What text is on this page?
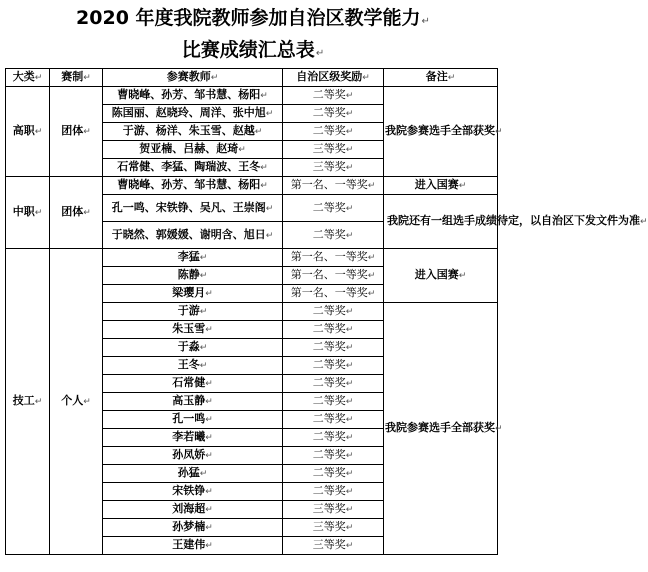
2020 年度我院教师参加自治区教学能力↵
比赛成绩汇总表↵
大类↵	赛制↵	参赛教师↵	自治区级奖励↵	备注↵
高职↵	团体↵	曹晓峰、孙芳、邹书慧、杨阳↵	二等奖↵	我院参赛选手全部获奖↵
		陈国丽、赵晓玲、周洋、张中旭↵	二等奖↵	
		于游、杨洋、朱玉雪、赵越↵	二等奖↵	
		贺亚楠、吕赫、赵琦↵	三等奖↵	
		石常健、李猛、陶瑞波、王冬↵	三等奖↵	
中职↵	团体↵	曹晓峰、孙芳、邹书慧、杨阳↵	第一名、一等奖↵	进入国赛↵
		孔一鸣、宋铁铮、吴凡、王崇阁↵	二等奖↵	我院还有一组选手成绩待定，以自治区下发文件为准↵
		于晓然、郭媛媛、谢明含、旭日↵	二等奖↵	
技工↵	个人↵	李猛↵	第一名、一等奖↵	进入国赛↵
		陈静↵	第一名、一等奖↵	
		梁璎月↵	第一名、一等奖↵	
		于游↵	二等奖↵	我院参赛选手全部获奖↵
		朱玉雪↵	二等奖↵	
		于淼↵	二等奖↵	
		王冬↵	二等奖↵	
		石常健↵	二等奖↵	
		高玉静↵	二等奖↵	
		孔一鸣↵	二等奖↵	
		李若曦↵	二等奖↵	
		孙凤娇↵	二等奖↵	
		孙猛↵	二等奖↵	
		宋铁铮↵	二等奖↵	
		刘海超↵	三等奖↵	
		孙梦楠↵	三等奖↵	
		王建伟↵	三等奖↵	
